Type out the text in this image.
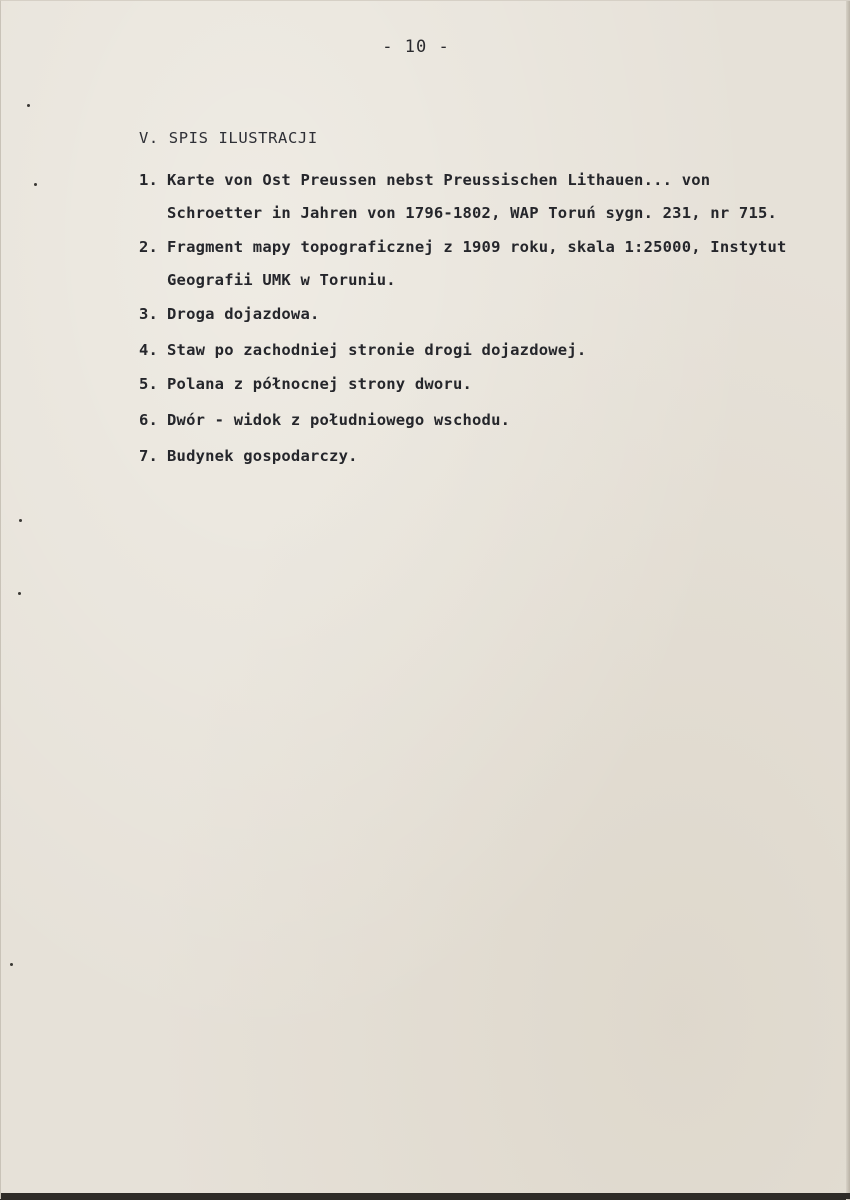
- 10 -
V. SPIS ILUSTRACJI
1. Karte von Ost Preussen nebst Preussischen Lithauen... von
Schroetter in Jahren von 1796-1802, WAP Toruń sygn. 231, nr 715.
2. Fragment mapy topograficznej z 1909 roku, skala 1:25000, Instytut
Geografii UMK w Toruniu.
3. Droga dojazdowa.
4. Staw po zachodniej stronie drogi dojazdowej.
5. Polana z północnej strony dworu.
6. Dwór - widok z południowego wschodu.
7. Budynek gospodarczy.
